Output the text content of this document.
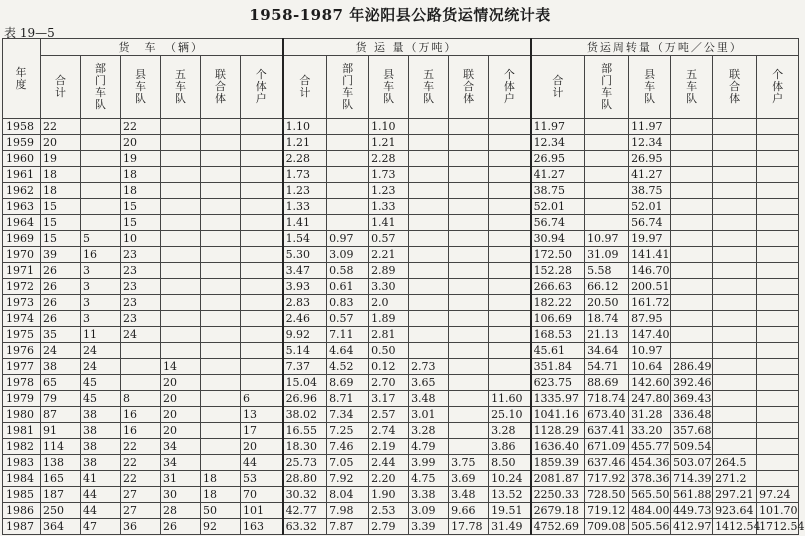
1958-1987 年泌阳县公路货运情况统计表
表 19—5
年度	货　车　（辆）						货 运 量（万吨）						货运周转量（万吨／公里）					
	合计	部门车队	县车队	五车队	联合体	个体户	合计	部门车队	县车队	五车队	联合体	个体户	合计	部门车队	县车队	五车队	联合体	个体户
1958	22		22				1.10		1.10				11.97		11.97			
1959	20		20				1.21		1.21				12.34		12.34			
1960	19		19				2.28		2.28				26.95		26.95			
1961	18		18				1.73		1.73				41.27		41.27			
1962	18		18				1.23		1.23				38.75		38.75			
1963	15		15				1.33		1.33				52.01		52.01			
1964	15		15				1.41		1.41				56.74		56.74			
1969	15	5	10				1.54	0.97	0.57				30.94	10.97	19.97			
1970	39	16	23				5.30	3.09	2.21				172.50	31.09	141.41			
1971	26	3	23				3.47	0.58	2.89				152.28	5.58	146.70			
1972	26	3	23				3.93	0.61	3.30				266.63	66.12	200.51			
1973	26	3	23				2.83	0.83	2.0				182.22	20.50	161.72			
1974	26	3	23				2.46	0.57	1.89				106.69	18.74	87.95			
1975	35	11	24				9.92	7.11	2.81				168.53	21.13	147.40			
1976	24	24					5.14	4.64	0.50				45.61	34.64	10.97			
1977	38	24		14			7.37	4.52	0.12	2.73			351.84	54.71	10.64	286.49		
1978	65	45		20			15.04	8.69	2.70	3.65			623.75	88.69	142.60	392.46		
1979	79	45	8	20		6	26.96	8.71	3.17	3.48		11.60	1335.97	718.74	247.80	369.43		
1980	87	38	16	20		13	38.02	7.34	2.57	3.01		25.10	1041.16	673.40	31.28	336.48		
1981	91	38	16	20		17	16.55	7.25	2.74	3.28		3.28	1128.29	637.41	33.20	357.68		
1982	114	38	22	34		20	18.30	7.46	2.19	4.79		3.86	1636.40	671.09	455.77	509.54		
1983	138	38	22	34		44	25.73	7.05	2.44	3.99	3.75	8.50	1859.39	637.46	454.36	503.07	264.5	
1984	165	41	22	31	18	53	28.80	7.92	2.20	4.75	3.69	10.24	2081.87	717.92	378.36	714.39	271.2	
1985	187	44	27	30	18	70	30.32	8.04	1.90	3.38	3.48	13.52	2250.33	728.50	565.50	561.88	297.21	97.24
1986	250	44	27	28	50	101	42.77	7.98	2.53	3.09	9.66	19.51	2679.18	719.12	484.00	449.73	923.64	101.70
1987	364	47	36	26	92	163	63.32	7.87	2.79	3.39	17.78	31.49	4752.69	709.08	505.56	412.97	1412.54	1712.54
